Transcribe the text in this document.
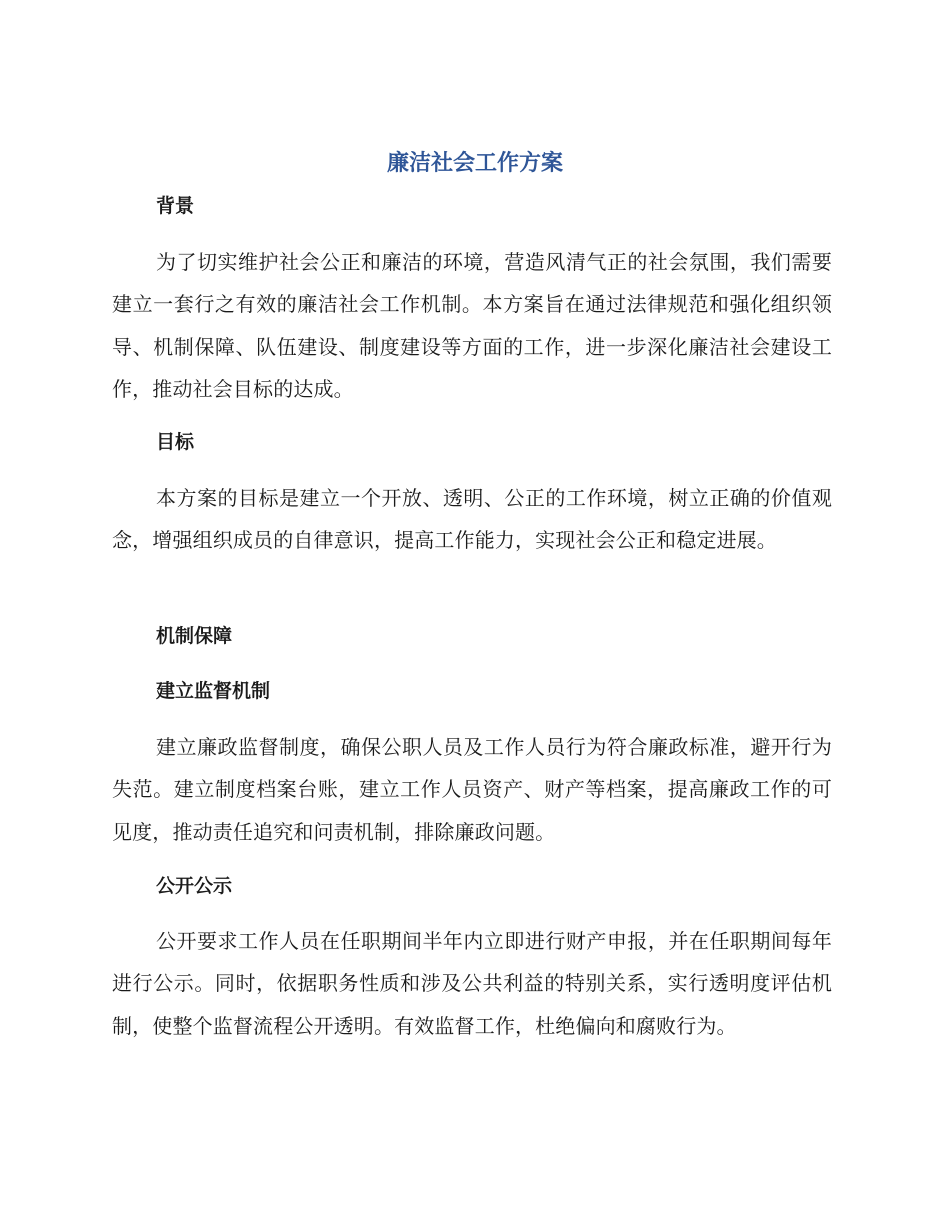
廉洁社会工作方案
背景

为了切实维护社会公正和廉洁的环境，营造风清气正的社会氛围，我们需要建立一套行之有效的廉洁社会工作机制。本方案旨在通过法律规范和强化组织领导、机制保障、队伍建设、制度建设等方面的工作，进一步深化廉洁社会建设工作，推动社会目标的达成。

目标

本方案的目标是建立一个开放、透明、公正的工作环境，树立正确的价值观念，增强组织成员的自律意识，提高工作能力，实现社会公正和稳定进展。

机制保障
建立监督机制

建立廉政监督制度，确保公职人员及工作人员行为符合廉政标准，避开行为失范。建立制度档案台账，建立工作人员资产、财产等档案，提高廉政工作的可见度，推动责任追究和问责机制，排除廉政问题。

公开公示

公开要求工作人员在任职期间半年内立即进行财产申报，并在任职期间每年进行公示。同时，依据职务性质和涉及公共利益的特别关系，实行透明度评估机制，使整个监督流程公开透明。有效监督工作，杜绝偏向和腐败行为。
